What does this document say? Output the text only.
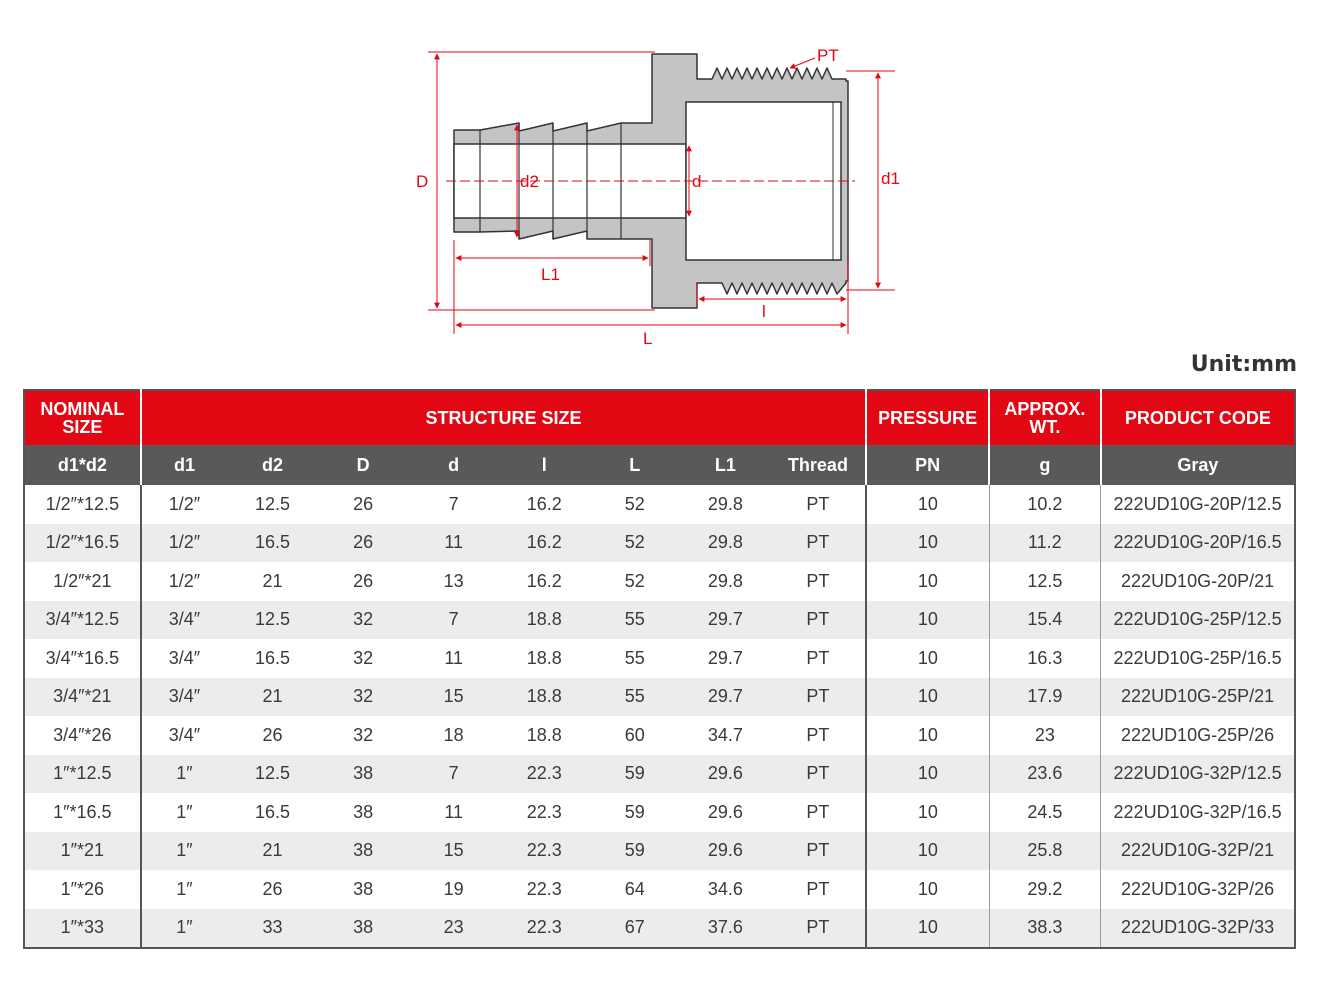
PT
D	d2	d	d1
L1
l
L
Unit:mm
NOMINAL SIZE	STRUCTURE SIZE								PRESSURE	APPROX. WT.	PRODUCT CODE
d1*d2	d1	d2	D	d	l	L	L1	Thread	PN	g	Gray
1/2″*12.5	1/2″	12.5	26	7	16.2	52	29.8	PT	10	10.2	222UD10G-20P/12.5
1/2″*16.5	1/2″	16.5	26	11	16.2	52	29.8	PT	10	11.2	222UD10G-20P/16.5
1/2″*21	1/2″	21	26	13	16.2	52	29.8	PT	10	12.5	222UD10G-20P/21
3/4″*12.5	3/4″	12.5	32	7	18.8	55	29.7	PT	10	15.4	222UD10G-25P/12.5
3/4″*16.5	3/4″	16.5	32	11	18.8	55	29.7	PT	10	16.3	222UD10G-25P/16.5
3/4″*21	3/4″	21	32	15	18.8	55	29.7	PT	10	17.9	222UD10G-25P/21
3/4″*26	3/4″	26	32	18	18.8	60	34.7	PT	10	23	222UD10G-25P/26
1″*12.5	1″	12.5	38	7	22.3	59	29.6	PT	10	23.6	222UD10G-32P/12.5
1″*16.5	1″	16.5	38	11	22.3	59	29.6	PT	10	24.5	222UD10G-32P/16.5
1″*21	1″	21	38	15	22.3	59	29.6	PT	10	25.8	222UD10G-32P/21
1″*26	1″	26	38	19	22.3	64	34.6	PT	10	29.2	222UD10G-32P/26
1″*33	1″	33	38	23	22.3	67	37.6	PT	10	38.3	222UD10G-32P/33
